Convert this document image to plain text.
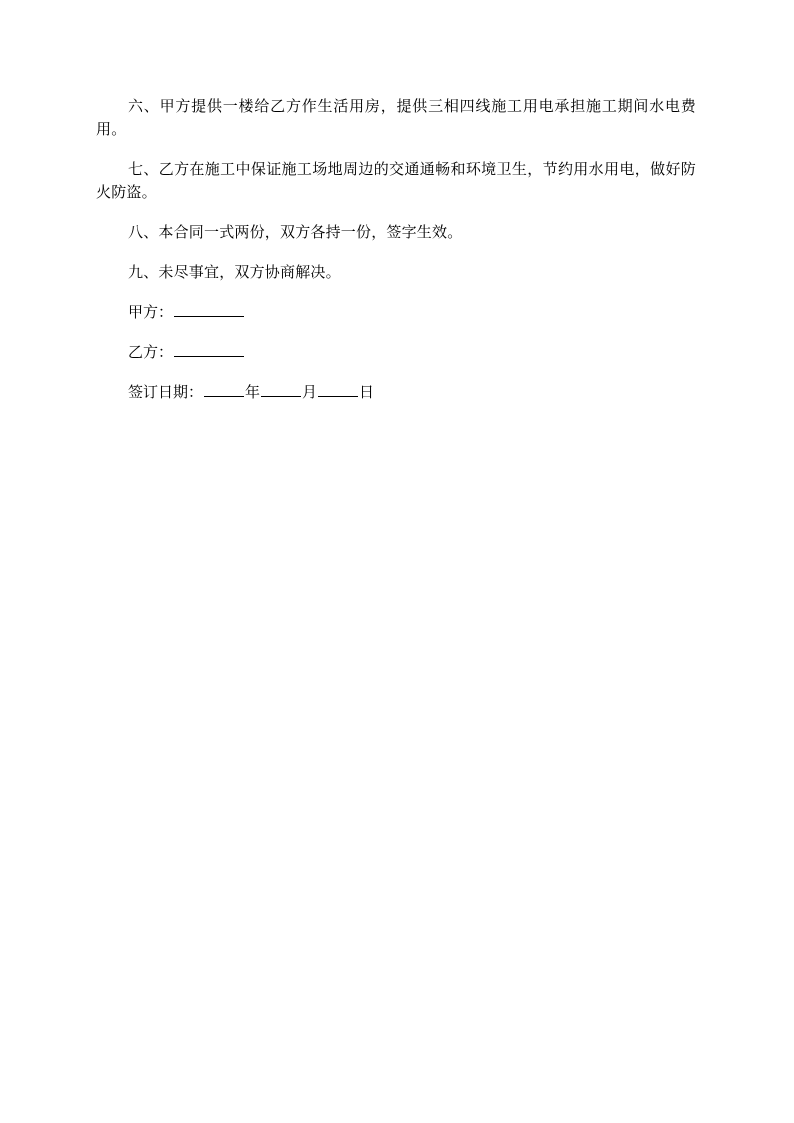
六、甲方提供一楼给乙方作生活用房，提供三相四线施工用电承担施工期间水电费用。

七、乙方在施工中保证施工场地周边的交通通畅和环境卫生，节约用水用电，做好防火防盗。

八、本合同一式两份，双方各持一份，签字生效。

九、未尽事宜，双方协商解决。

甲方：
乙方：
签订日期：	年	月	日
